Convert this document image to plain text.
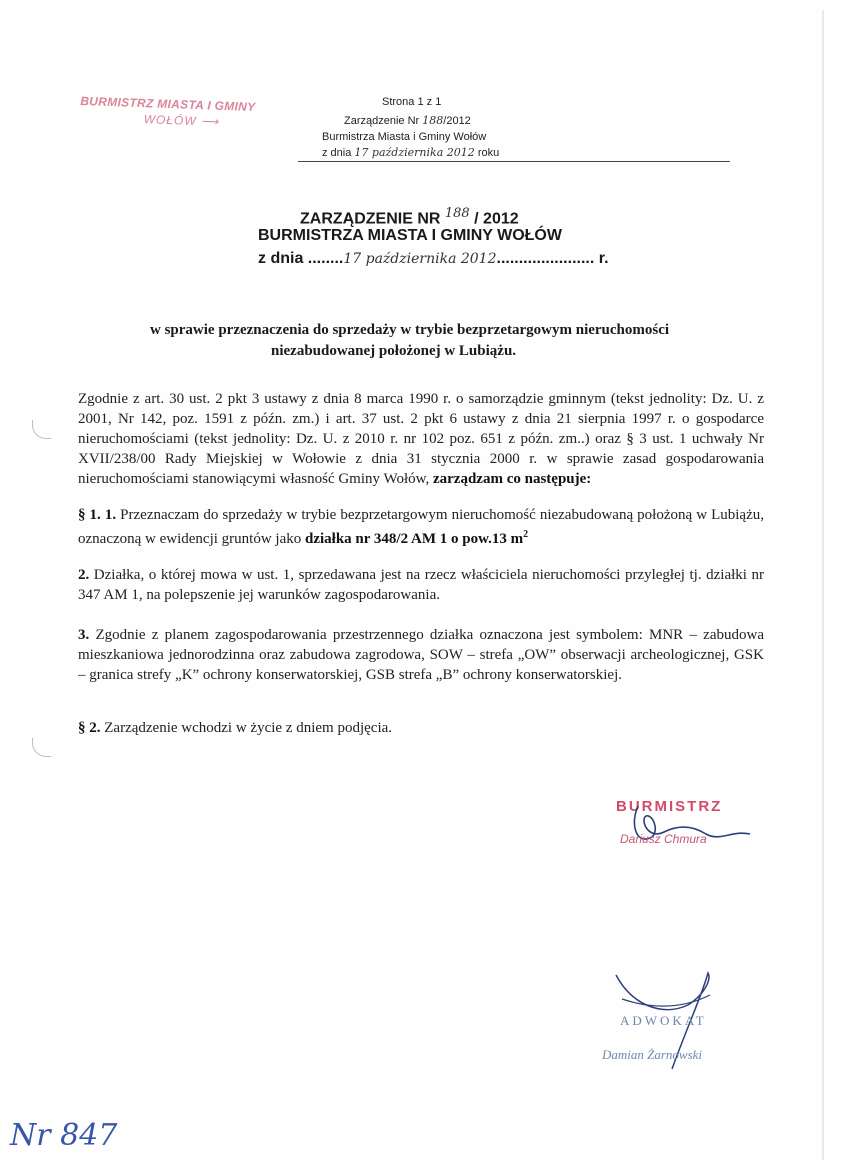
BURMISTRZ MIASTA I GMINY
WOŁÓW ⟶
Strona 1 z 1
Zarządzenie Nr 188/2012
Burmistrza Miasta i Gminy Wołów
z dnia 17 października 2012 roku
ZARZĄDZENIE NR $^{188}$ / 2012
BURMISTRZA MIASTA I GMINY WOŁÓW
z dnia ........17 października 2012...................... r.
w sprawie przeznaczenia do sprzedaży w trybie bezprzetargowym nieruchomości
niezabudowanej położonej w Lubiążu.
Zgodnie z art. 30 ust. 2 pkt 3 ustawy z dnia 8 marca 1990 r. o samorządzie gminnym (tekst jednolity: Dz. U. z 2001, Nr 142, poz. 1591 z późn. zm.) i art. 37 ust. 2 pkt 6 ustawy z dnia 21 sierpnia 1997 r. o gospodarce nieruchomościami (tekst jednolity: Dz. U. z 2010 r. nr 102 poz. 651 z późn. zm..) oraz § 3 ust. 1 uchwały Nr XVII/238/00 Rady Miejskiej w Wołowie z dnia 31 stycznia 2000 r. w sprawie zasad gospodarowania nieruchomościami stanowiącymi własność Gminy Wołów, zarządzam co następuje:
§ 1. 1. Przeznaczam do sprzedaży w trybie bezprzetargowym nieruchomość niezabudowaną położoną w Lubiążu, oznaczoną w ewidencji gruntów jako działka nr 348/2 AM 1 o pow.13 $m^2$
2. Działka, o której mowa w ust. 1, sprzedawana jest na rzecz właściciela nieruchomości przyległej tj. działki nr 347 AM 1, na polepszenie jej warunków zagospodarowania.
3. Zgodnie z planem zagospodarowania przestrzennego działka oznaczona jest symbolem: MNR – zabudowa mieszkaniowa jednorodzinna oraz zabudowa zagrodowa, SOW – strefa „OW” obserwacji archeologicznej, GSK – granica strefy „K” ochrony konserwatorskiej, GSB strefa „B” ochrony konserwatorskiej.
§ 2. Zarządzenie wchodzi w życie z dniem podjęcia.
BURMISTRZ
Dariusz Chmura
ADWOKAT
Damian Żarnowski
Nr 847
